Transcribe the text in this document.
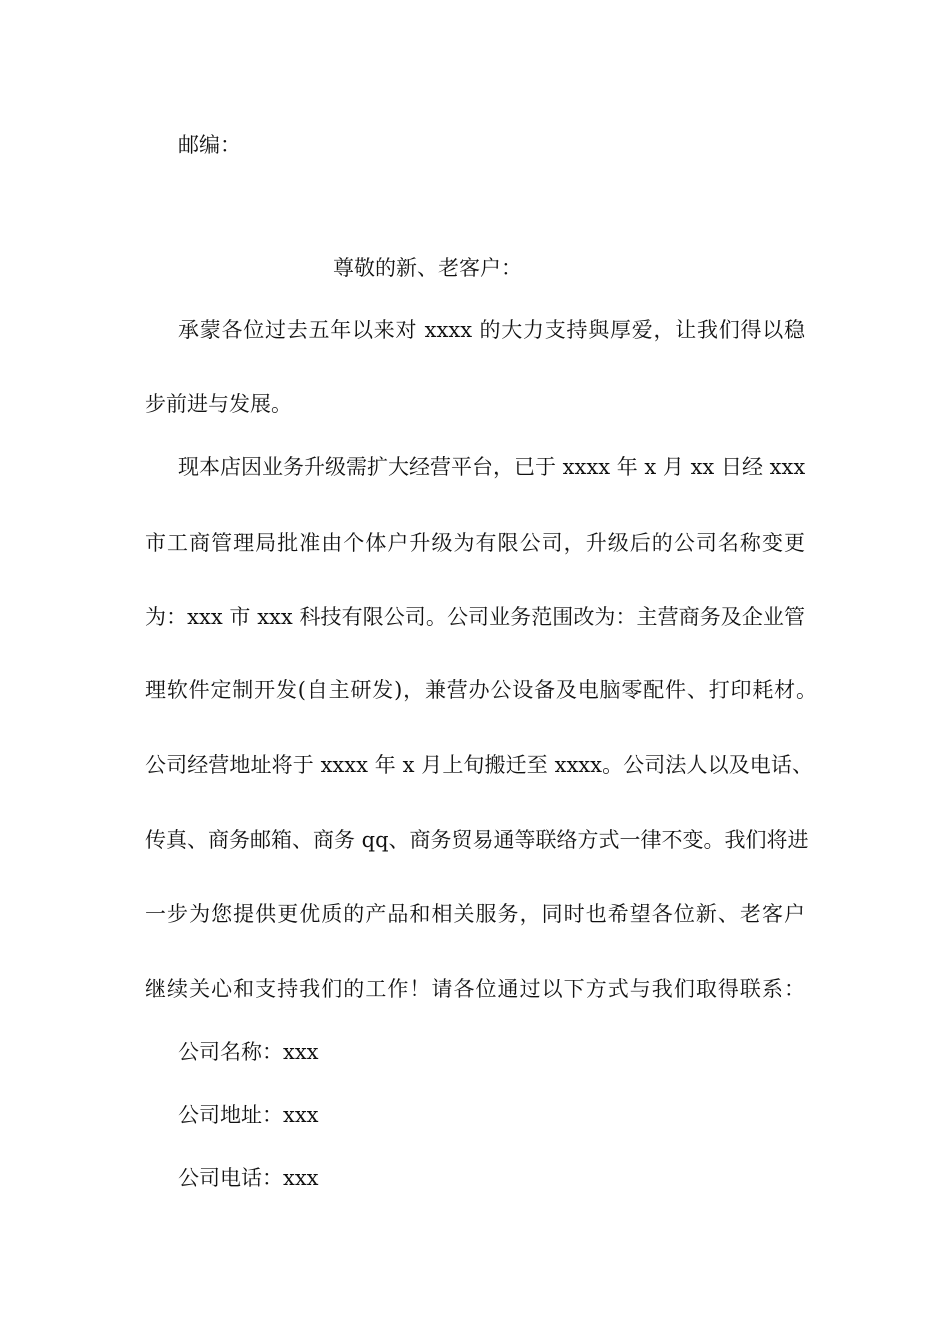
邮编：
尊敬的新、老客户：
承蒙各位过去五年以来对 xxxx 的大力支持與厚爱，让我们得以稳
步前进与发展。
现本店因业务升级需扩大经营平台，已于 xxxx 年 x 月 xx 日经 xxx
市工商管理局批准由个体户升级为有限公司，升级后的公司名称变更
为：xxx 市 xxx 科技有限公司。公司业务范围改为：主营商务及企业管
理软件定制开发(自主研发)，兼营办公设备及电脑零配件、打印耗材。
公司经营地址将于 xxxx 年 x 月上旬搬迁至 xxxx。公司法人以及电话、
传真、商务邮箱、商务 qq、商务贸易通等联络方式一律不变。我们将进
一步为您提供更优质的产品和相关服务，同时也希望各位新、老客户
继续关心和支持我们的工作！请各位通过以下方式与我们取得联系：
公司名称：xxx
公司地址：xxx
公司电话：xxx
